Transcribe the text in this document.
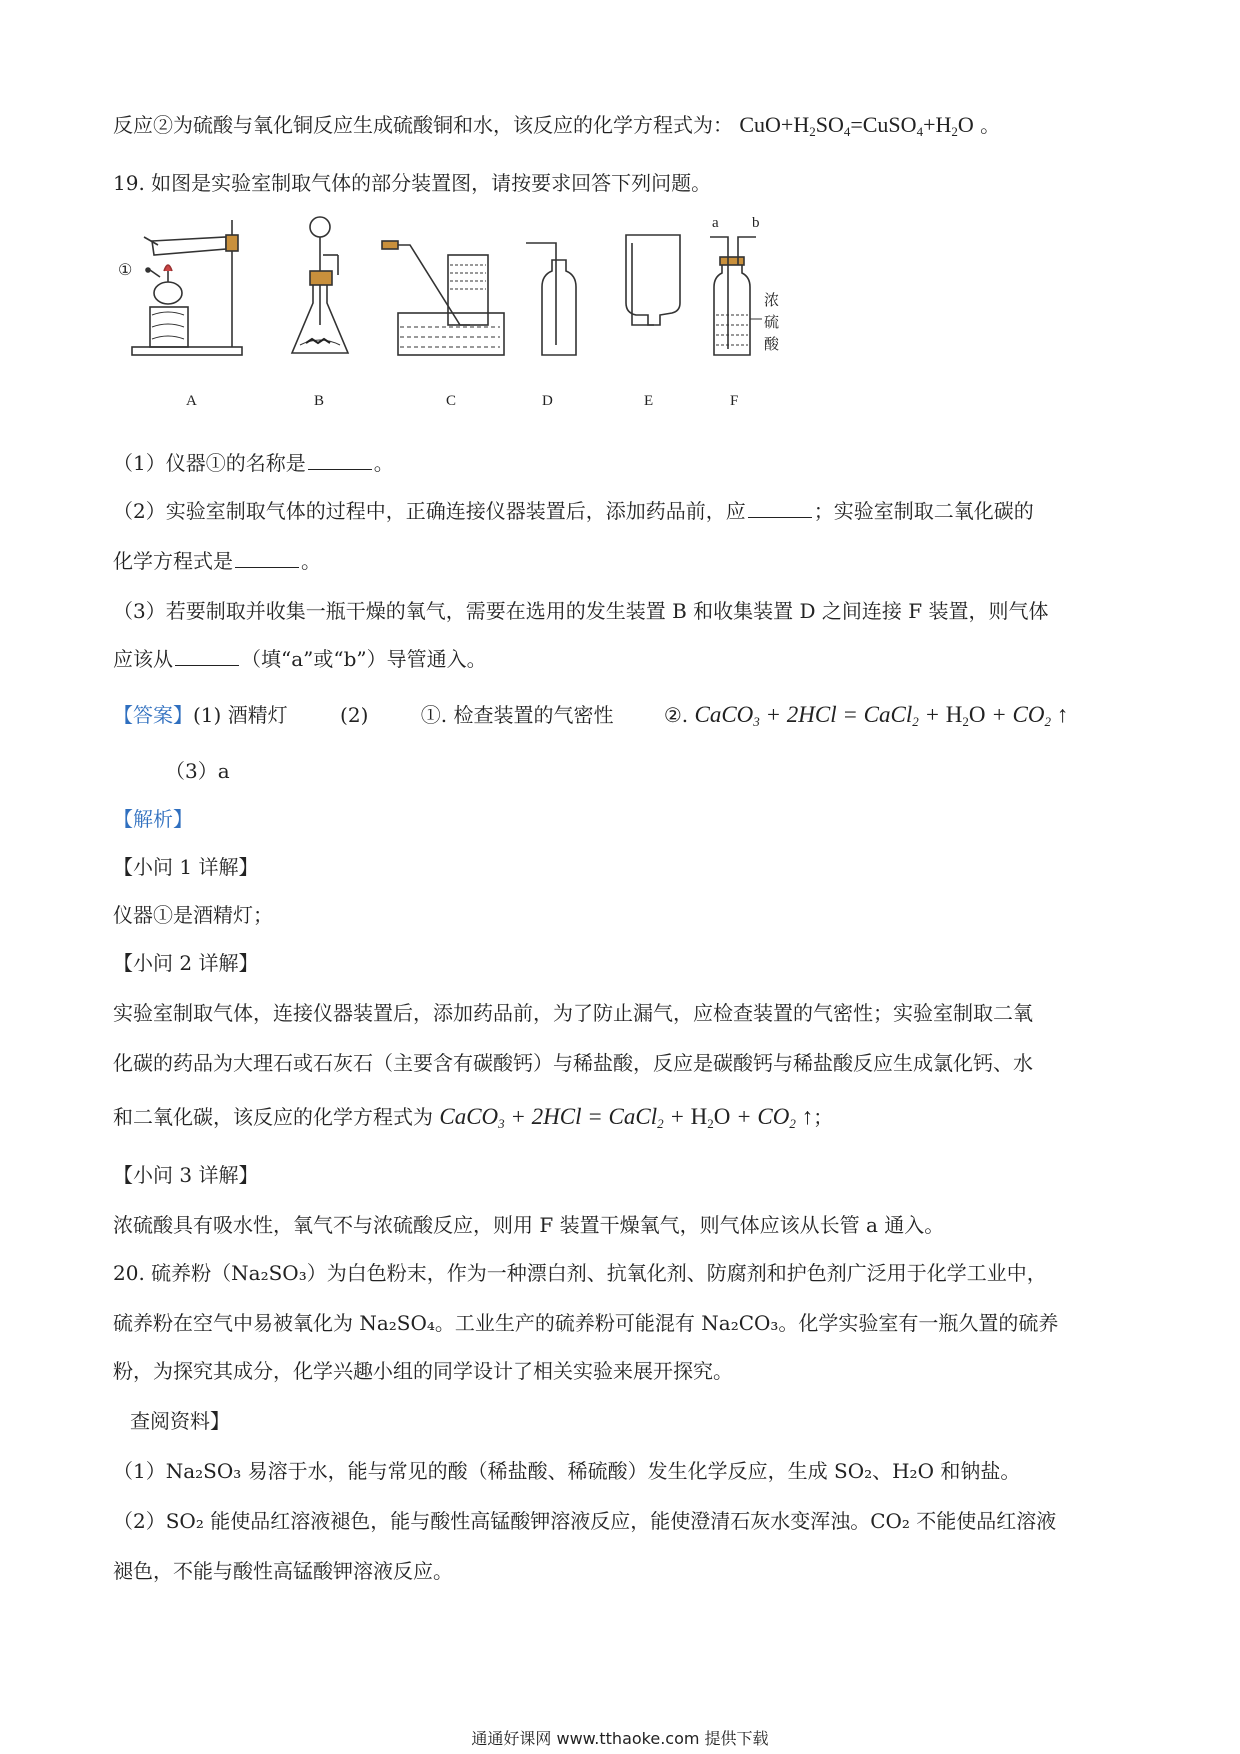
反应②为硫酸与氧化铜反应生成硫酸铜和水，该反应的化学方程式为： $CuO+H_2SO_4=CuSO_4+H_2O$ 。
19. 如图是实验室制取气体的部分装置图，请按要求回答下列问题。
①
a b
浓
硫
酸
A	B	C	D	E	F
（1）仪器①的名称是	。
（2）实验室制取气体的过程中，正确连接仪器装置后，添加药品前，应	；实验室制取二氧化碳的
化学方程式是	。
（3）若要制取并收集一瓶干燥的氧气，需要在选用的发生装置 B 和收集装置 D 之间连接 F 装置，则气体
应该从	（填“a”或“b”）导管通入。
【答案】(1) 酒精灯	(2)	①. 检查装置的气密性	②. CaCO$_3$ + 2HCl = CaCl$_2$ + $H_2O + CO_2$ ↑
（3）a
【解析】
【小问 1 详解】
仪器①是酒精灯；
【小问 2 详解】
实验室制取气体，连接仪器装置后，添加药品前，为了防止漏气，应检查装置的气密性；实验室制取二氧
化碳的药品为大理石或石灰石（主要含有碳酸钙）与稀盐酸，反应是碳酸钙与稀盐酸反应生成氯化钙、水
和二氧化碳，该反应的化学方程式为 CaCO$_3$ + 2HCl = CaCl$_2$ + $H_2O + CO_2$ ↑；
【小问 3 详解】
浓硫酸具有吸水性，氧气不与浓硫酸反应，则用 F 装置干燥氧气，则气体应该从长管 a 通入。
20. 硫养粉（Na₂SO₃）为白色粉末，作为一种漂白剂、抗氧化剂、防腐剂和护色剂广泛用于化学工业中，
硫养粉在空气中易被氧化为 Na₂SO₄。工业生产的硫养粉可能混有 Na₂CO₃。化学实验室有一瓶久置的硫养
粉，为探究其成分，化学兴趣小组的同学设计了相关实验来展开探究。
查阅资料】
（1）Na₂SO₃ 易溶于水，能与常见的酸（稀盐酸、稀硫酸）发生化学反应，生成 SO₂、H₂O 和钠盐。
（2）SO₂ 能使品红溶液褪色，能与酸性高锰酸钾溶液反应，能使澄清石灰水变浑浊。CO₂ 不能使品红溶液
褪色，不能与酸性高锰酸钾溶液反应。
通通好课网 www.tthaoke.com 提供下载
